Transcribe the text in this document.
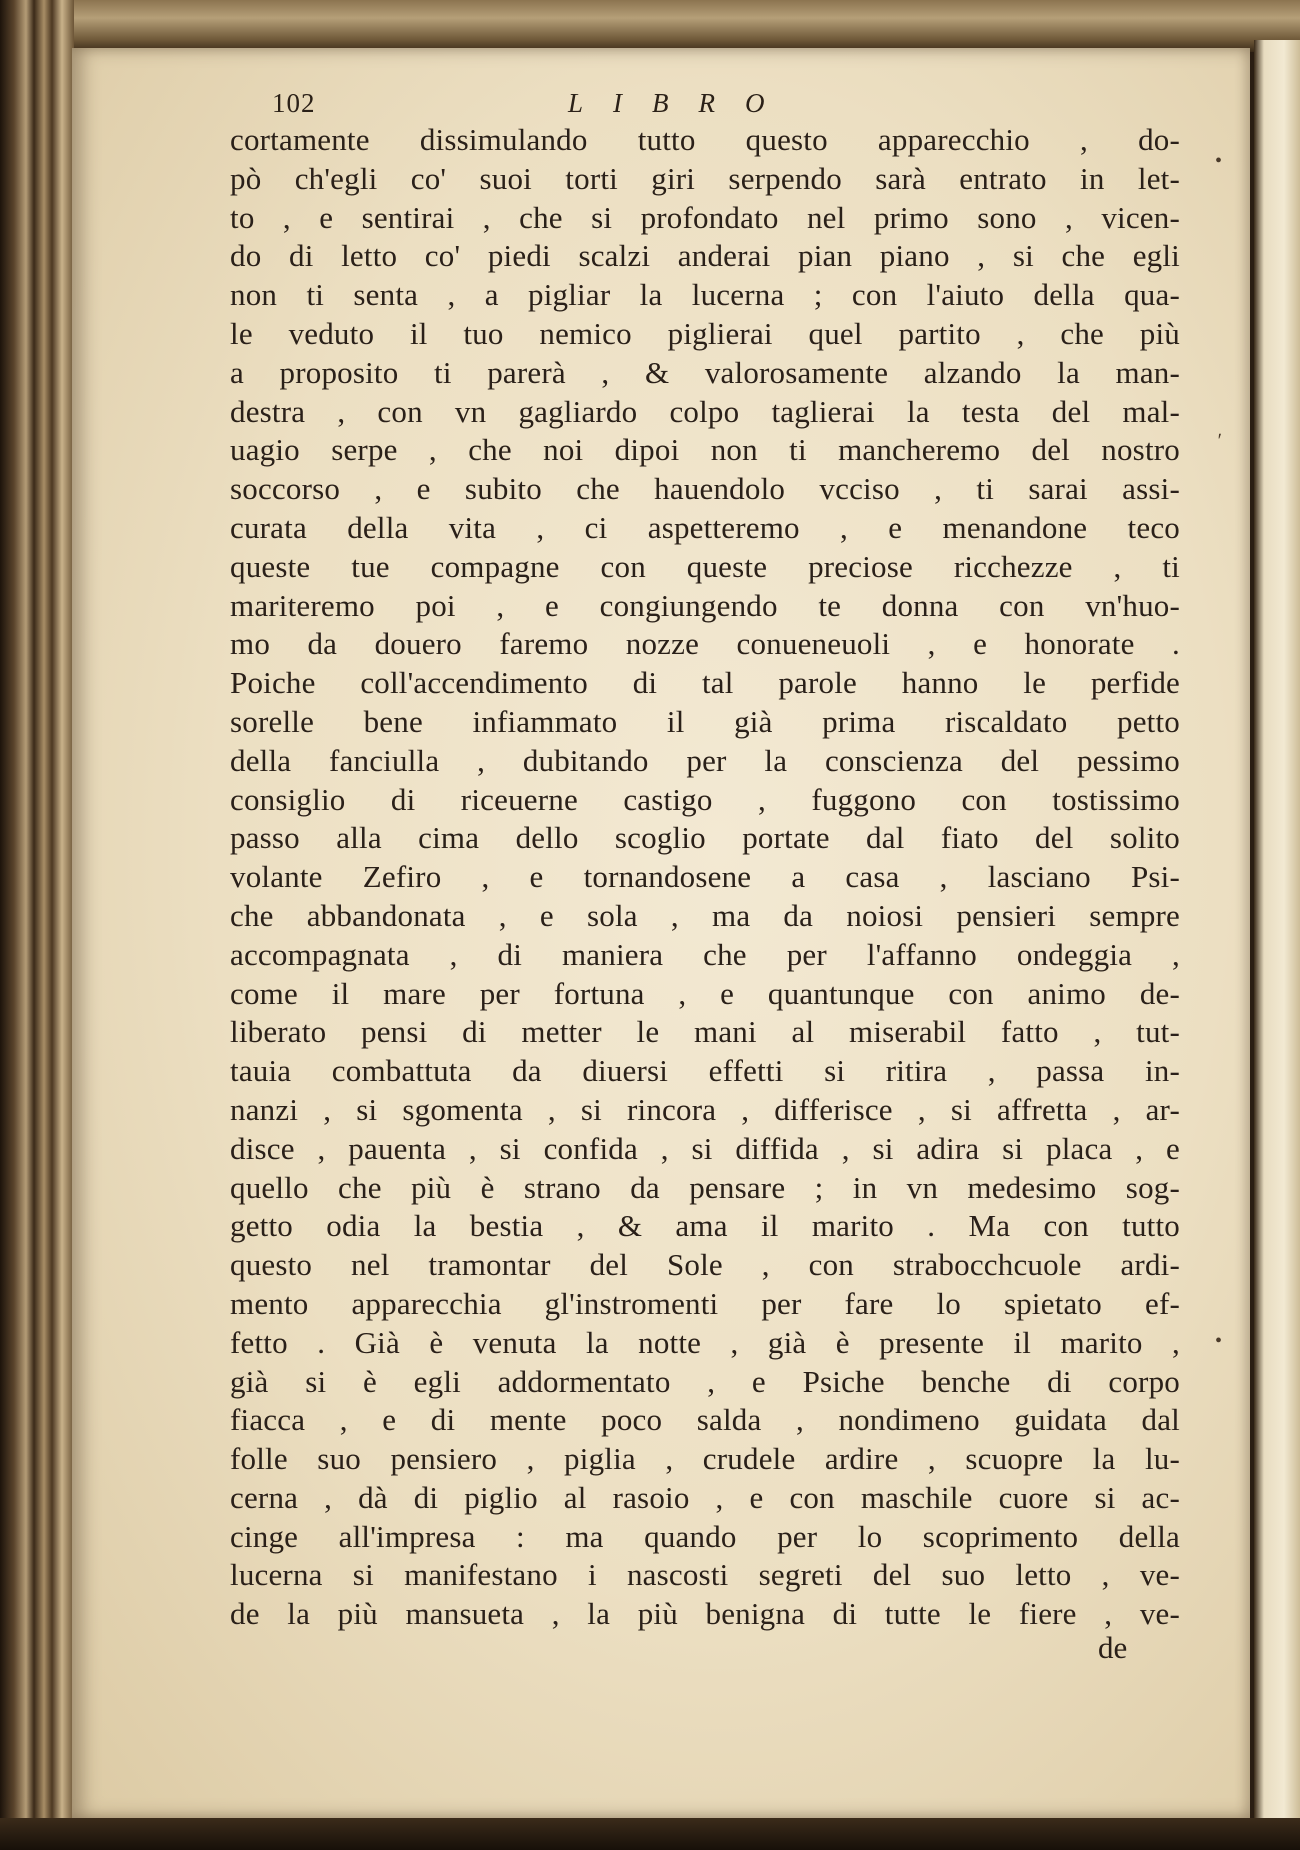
102	LIBRO
cortamente dissimulando tutto questo apparecchio , do-
pò ch'egli co' suoi torti giri serpendo sarà entrato in let-
to , e sentirai , che si profondato nel primo sono , vicen-
do di letto co' piedi scalzi anderai pian piano , si che egli
non ti senta , a pigliar la lucerna ; con l'aiuto della qua-
le veduto il tuo nemico piglierai quel partito , che più
a proposito ti parerà , & valorosamente alzando la man-
destra , con vn gagliardo colpo taglierai la testa del mal-
uagio serpe , che noi dipoi non ti mancheremo del nostro
soccorso , e subito che hauendolo vcciso , ti sarai assi-
curata della vita , ci aspetteremo , e menandone teco
queste tue compagne con queste preciose ricchezze , ti
mariteremo poi , e congiungendo te donna con vn'huo-
mo da douero faremo nozze conueneuoli , e honorate .
Poiche coll'accendimento di tal parole hanno le perfide
sorelle bene infiammato il già prima riscaldato petto
della fanciulla , dubitando per la conscienza del pessimo
consiglio di riceuerne castigo , fuggono con tostissimo
passo alla cima dello scoglio portate dal fiato del solito
volante Zefiro , e tornandosene a casa , lasciano Psi-
che abbandonata , e sola , ma da noiosi pensieri sempre
accompagnata , di maniera che per l'affanno ondeggia ,
come il mare per fortuna , e quantunque con animo de-
liberato pensi di metter le mani al miserabil fatto , tut-
tauia combattuta da diuersi effetti si ritira , passa in-
nanzi , si sgomenta , si rincora , differisce , si affretta , ar-
disce , pauenta , si confida , si diffida , si adira si placa , e
quello che più è strano da pensare ; in vn medesimo sog-
getto odia la bestia , & ama il marito . Ma con tutto
questo nel tramontar del Sole , con strabocchcuole ardi-
mento apparecchia gl'instromenti per fare lo spietato ef-
fetto . Già è venuta la notte , già è presente il marito ,
già si è egli addormentato , e Psiche benche di corpo
fiacca , e di mente poco salda , nondimeno guidata dal
folle suo pensiero , piglia , crudele ardire , scuopre la lu-
cerna , dà di piglio al rasoio , e con maschile cuore si ac-
cinge all'impresa : ma quando per lo scoprimento della
lucerna si manifestano i nascosti segreti del suo letto , ve-
de la più mansueta , la più benigna di tutte le fiere , ve-
de
•
ʹ
•
